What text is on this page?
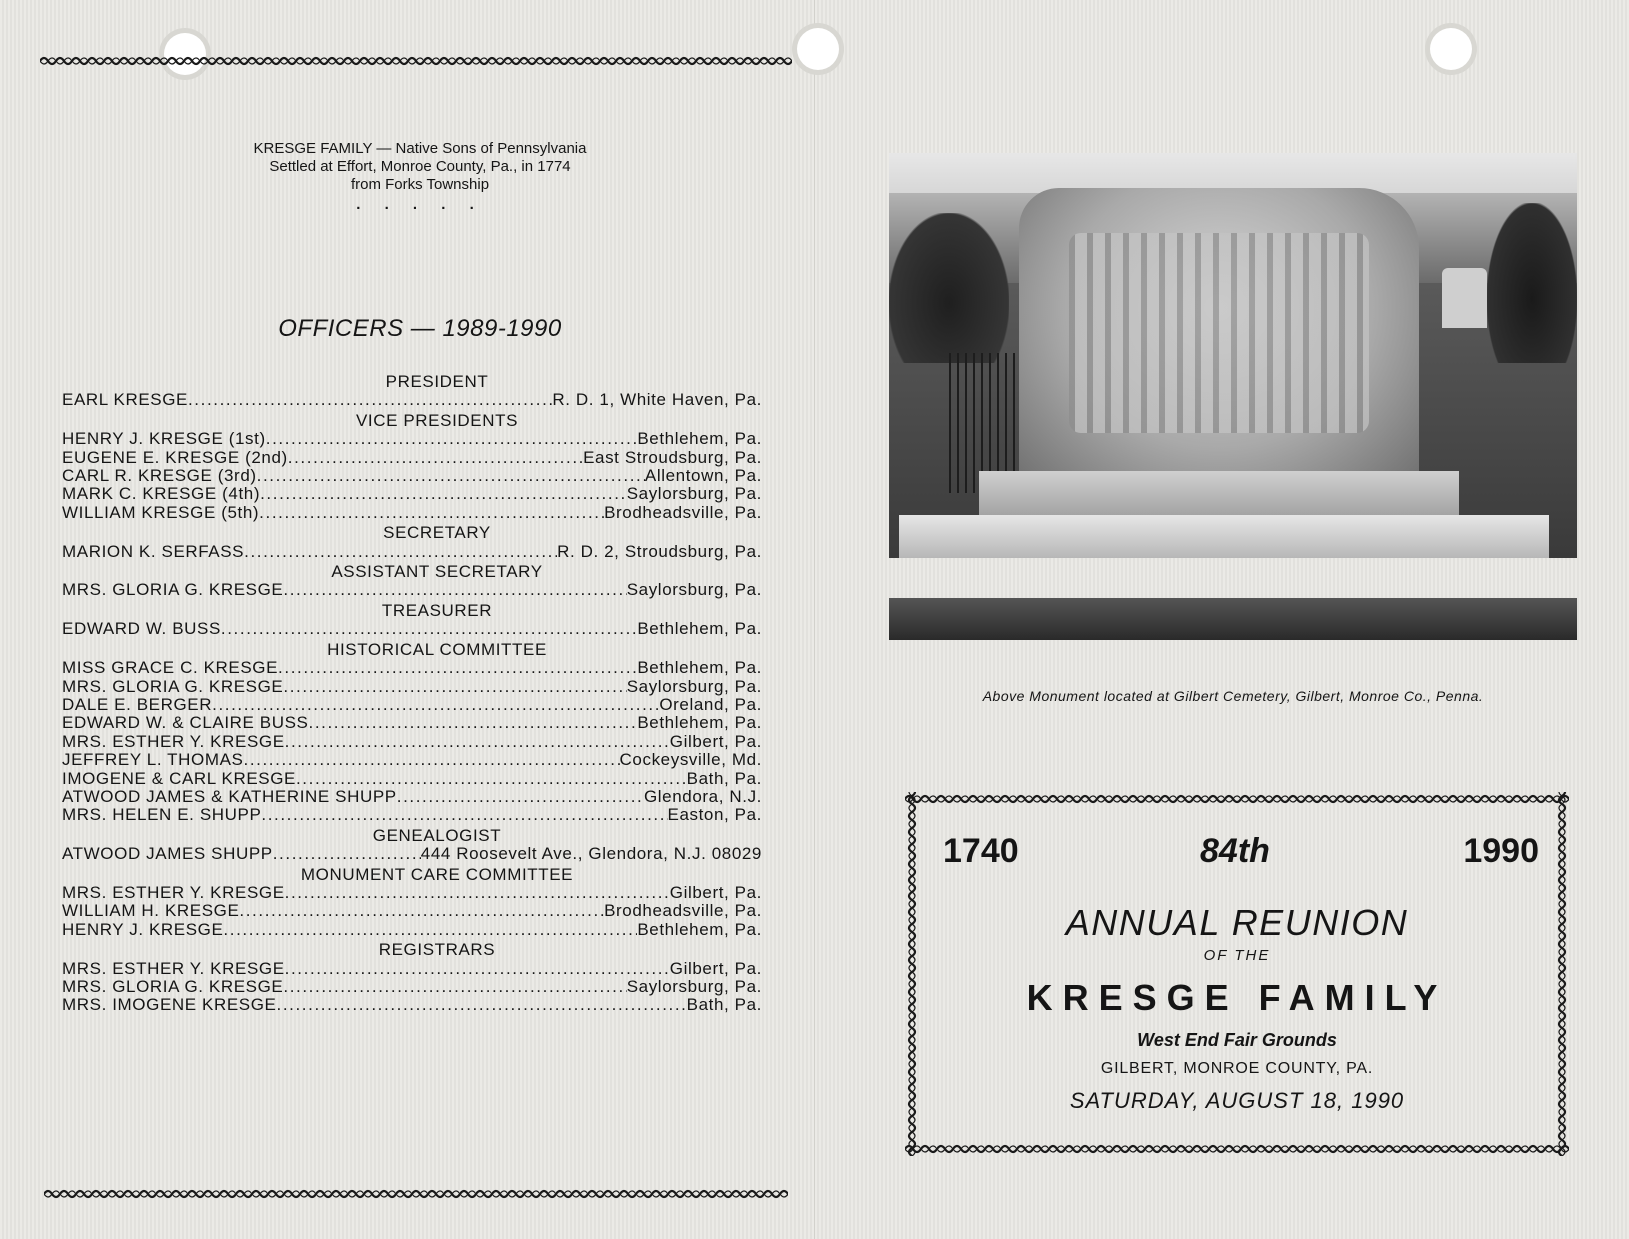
KRESGE FAMILY — Native Sons of Pennsylvania
Settled at Effort, Monroe County, Pa., in 1774
from Forks Township
. . . . .
OFFICERS — 1989-1990
PRESIDENT
EARL KRESGE .....	R. D. 1, White Haven, Pa.
VICE PRESIDENTS
HENRY J. KRESGE (1st) .....	Bethlehem, Pa.
EUGENE E. KRESGE (2nd) .....	East Stroudsburg, Pa.
CARL R. KRESGE (3rd) .....	Allentown, Pa.
MARK C. KRESGE (4th) .....	Saylorsburg, Pa.
WILLIAM KRESGE (5th) .....	Brodheadsville, Pa.
SECRETARY
MARION K. SERFASS .....	R. D. 2, Stroudsburg, Pa.
ASSISTANT SECRETARY
MRS. GLORIA G. KRESGE .....	Saylorsburg, Pa.
TREASURER
EDWARD W. BUSS .....	Bethlehem, Pa.
HISTORICAL COMMITTEE
MISS GRACE C. KRESGE .....	Bethlehem, Pa.
MRS. GLORIA G. KRESGE .....	Saylorsburg, Pa.
DALE E. BERGER .....	Oreland, Pa.
EDWARD W. & CLAIRE BUSS .....	Bethlehem, Pa.
MRS. ESTHER Y. KRESGE .....	Gilbert, Pa.
JEFFREY L. THOMAS .....	Cockeysville, Md.
IMOGENE & CARL KRESGE .....	Bath, Pa.
ATWOOD JAMES & KATHERINE SHUPP .....	Glendora, N.J.
MRS. HELEN E. SHUPP .....	Easton, Pa.
GENEALOGIST
ATWOOD JAMES SHUPP .....	444 Roosevelt Ave., Glendora, N.J. 08029
MONUMENT CARE COMMITTEE
MRS. ESTHER Y. KRESGE .....	Gilbert, Pa.
WILLIAM H. KRESGE .....	Brodheadsville, Pa.
HENRY J. KRESGE .....	Bethlehem, Pa.
REGISTRARS
MRS. ESTHER Y. KRESGE .....	Gilbert, Pa.
MRS. GLORIA G. KRESGE .....	Saylorsburg, Pa.
MRS. IMOGENE KRESGE .....	Bath, Pa.
Above Monument located at Gilbert Cemetery, Gilbert, Monroe Co., Penna.
1740	84th	1990
ANNUAL REUNION
OF THE
KRESGE FAMILY
West End Fair Grounds
GILBERT, MONROE COUNTY, PA.
SATURDAY, AUGUST 18, 1990
